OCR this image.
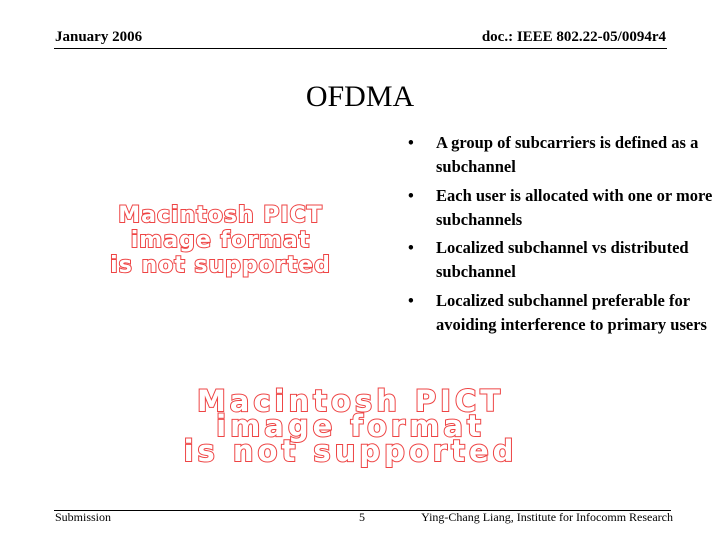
January 2006	doc.: IEEE 802.22-05/0094r4
OFDMA
• A group of subcarriers is defined as a subchannel
• Each user is allocated with one or more subchannels
• Localized subchannel vs distributed subchannel
• Localized subchannel preferable for avoiding interference to primary users
Macintosh PICT
image format
is not supported
Macintosh PICT
image format
is not supported
Submission	5	Ying-Chang Liang, Institute for Infocomm Research
